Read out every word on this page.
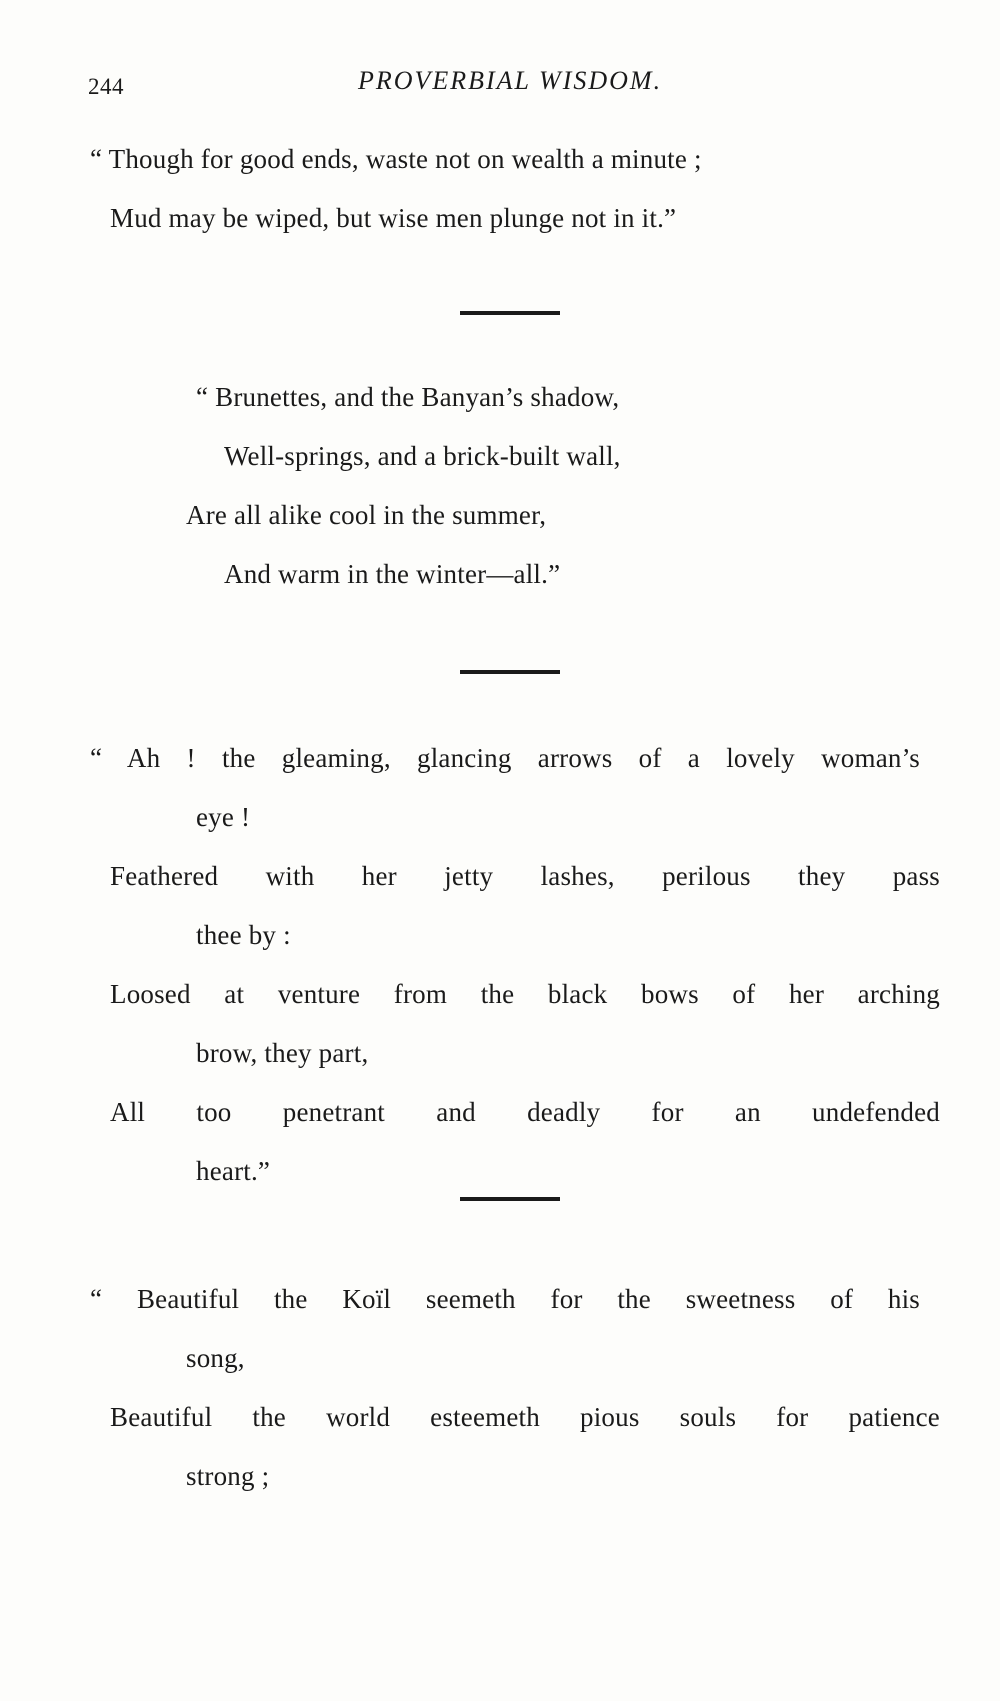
244	PROVERBIAL WISDOM.
“ Though for good ends, waste not on wealth a minute ;
Mud may be wiped, but wise men plunge not in it.”
“ Brunettes, and the Banyan’s shadow,
Well-springs, and a brick-built wall,
Are all alike cool in the summer,
And warm in the winter—all.”
“ Ah ! the gleaming, glancing arrows of a lovely woman’s
eye !
Feathered with her jetty lashes, perilous they pass
thee by :
Loosed at venture from the black bows of her arching
brow, they part,
All too penetrant and deadly for an undefended
heart.”
“ Beautiful the Koïl seemeth for the sweetness of his
song,
Beautiful the world esteemeth pious souls for patience
strong ;
